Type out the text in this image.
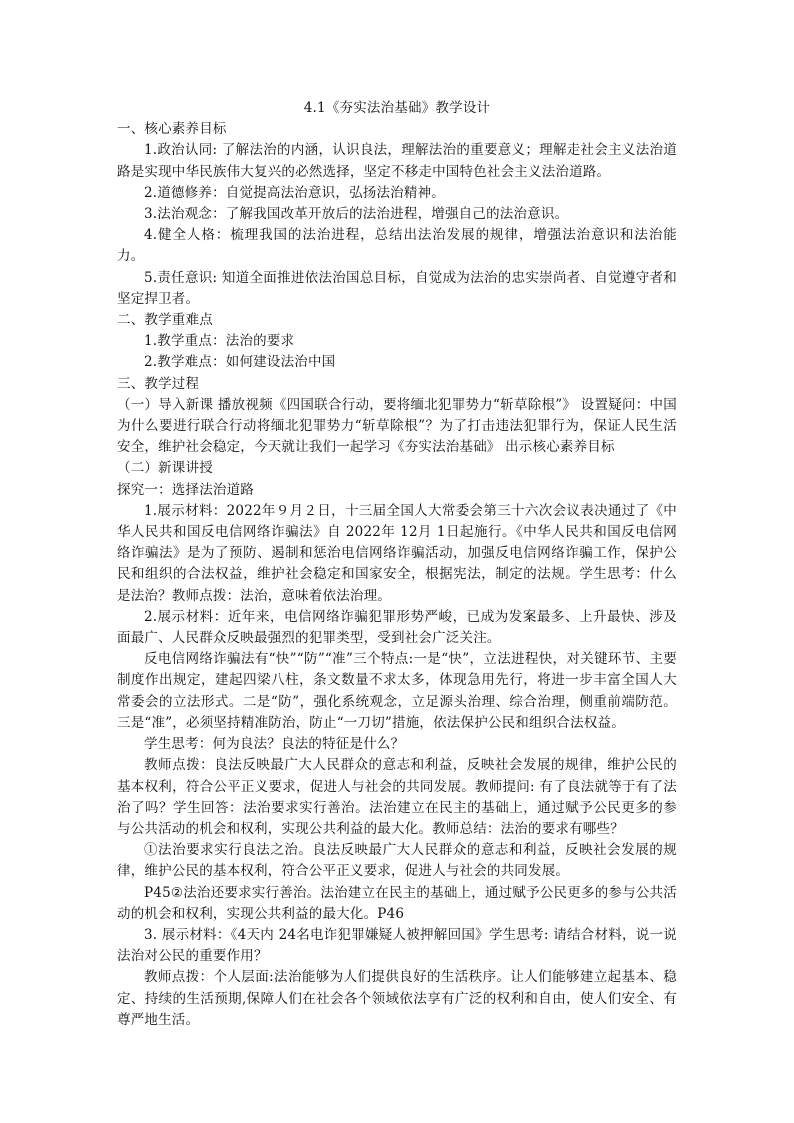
4.1《夯实法治基础》教学设计
一、核心素养目标

1.政治认同: 了解法治的内涵，认识良法，理解法治的重要意义；理解走社会主义法治道路是实现中华民族伟大复兴的必然选择，坚定不移走中国特色社会主义法治道路。

2.道德修养：自觉提高法治意识，弘扬法治精神。

3.法治观念：了解我国改革开放后的法治进程，增强自己的法治意识。

4.健全人格：梳理我国的法治进程，总结出法治发展的规律，增强法治意识和法治能力。

5.责任意识: 知道全面推进依法治国总目标，自觉成为法治的忠实崇尚者、自觉遵守者和坚定捍卫者。

二、教学重难点

1.教学重点：法治的要求

2.教学难点：如何建设法治中国

三、教学过程

（一）导入新课 播放视频《四国联合行动，要将缅北犯罪势力“斩草除根”》 设置疑问：中国为什么要进行联合行动将缅北犯罪势力“斩草除根”？为了打击违法犯罪行为，保证人民生活安全，维护社会稳定，今天就让我们一起学习《夯实法治基础》 出示核心素养目标

（二）新课讲授

探究一：选择法治道路

1.展示材料：2022年９月２日，十三届全国人大常委会第三十六次会议表决通过了《中华人民共和国反电信网络诈骗法》自 2022年 12月 1日起施行。《中华人民共和国反电信网络诈骗法》是为了预防、遏制和惩治电信网络诈骗活动，加强反电信网络诈骗工作，保护公民和组织的合法权益，维护社会稳定和国家安全，根据宪法，制定的法规。学生思考：什么是法治？教师点拨：法治，意味着依法治理。

2.展示材料：近年来，电信网络诈骗犯罪形势严峻，已成为发案最多、上升最快、涉及面最广、人民群众反映最强烈的犯罪类型，受到社会广泛关注。

反电信网络诈骗法有“快”“防”“准”三个特点:一是“快”，立法进程快，对关键环节、主要制度作出规定，建起四梁八柱，条文数量不求太多，体现急用先行，将进一步丰富全国人大常委会的立法形式。二是“防”，强化系统观念，立足源头治理、综合治理，侧重前端防范。三是“准”，必须坚持精准防治，防止“一刀切”措施，依法保护公民和组织合法权益。

学生思考：何为良法？良法的特征是什么？

教师点拨：良法反映最广大人民群众的意志和利益，反映社会发展的规律，维护公民的基本权利，符合公平正义要求，促进人与社会的共同发展。教师提问: 有了良法就等于有了法治了吗？学生回答：法治要求实行善治。法治建立在民主的基础上，通过赋予公民更多的参与公共活动的机会和权利，实现公共利益的最大化。教师总结：法治的要求有哪些？

①法治要求实行良法之治。良法反映最广大人民群众的意志和利益，反映社会发展的规律，维护公民的基本权利，符合公平正义要求，促进人与社会的共同发展。

P45②法治还要求实行善治。法治建立在民主的基础上，通过赋予公民更多的参与公共活动的机会和权利，实现公共利益的最大化。P46

3. 展示材料：《4天内 24名电诈犯罪嫌疑人被押解回国》学生思考: 请结合材料，说一说法治对公民的重要作用？

教师点拨：个人层面:法治能够为人们提供良好的生活秩序。让人们能够建立起基本、稳定、持续的生活预期,保障人们在社会各个领域依法享有广泛的权利和自由，使人们安全、有尊严地生活。
